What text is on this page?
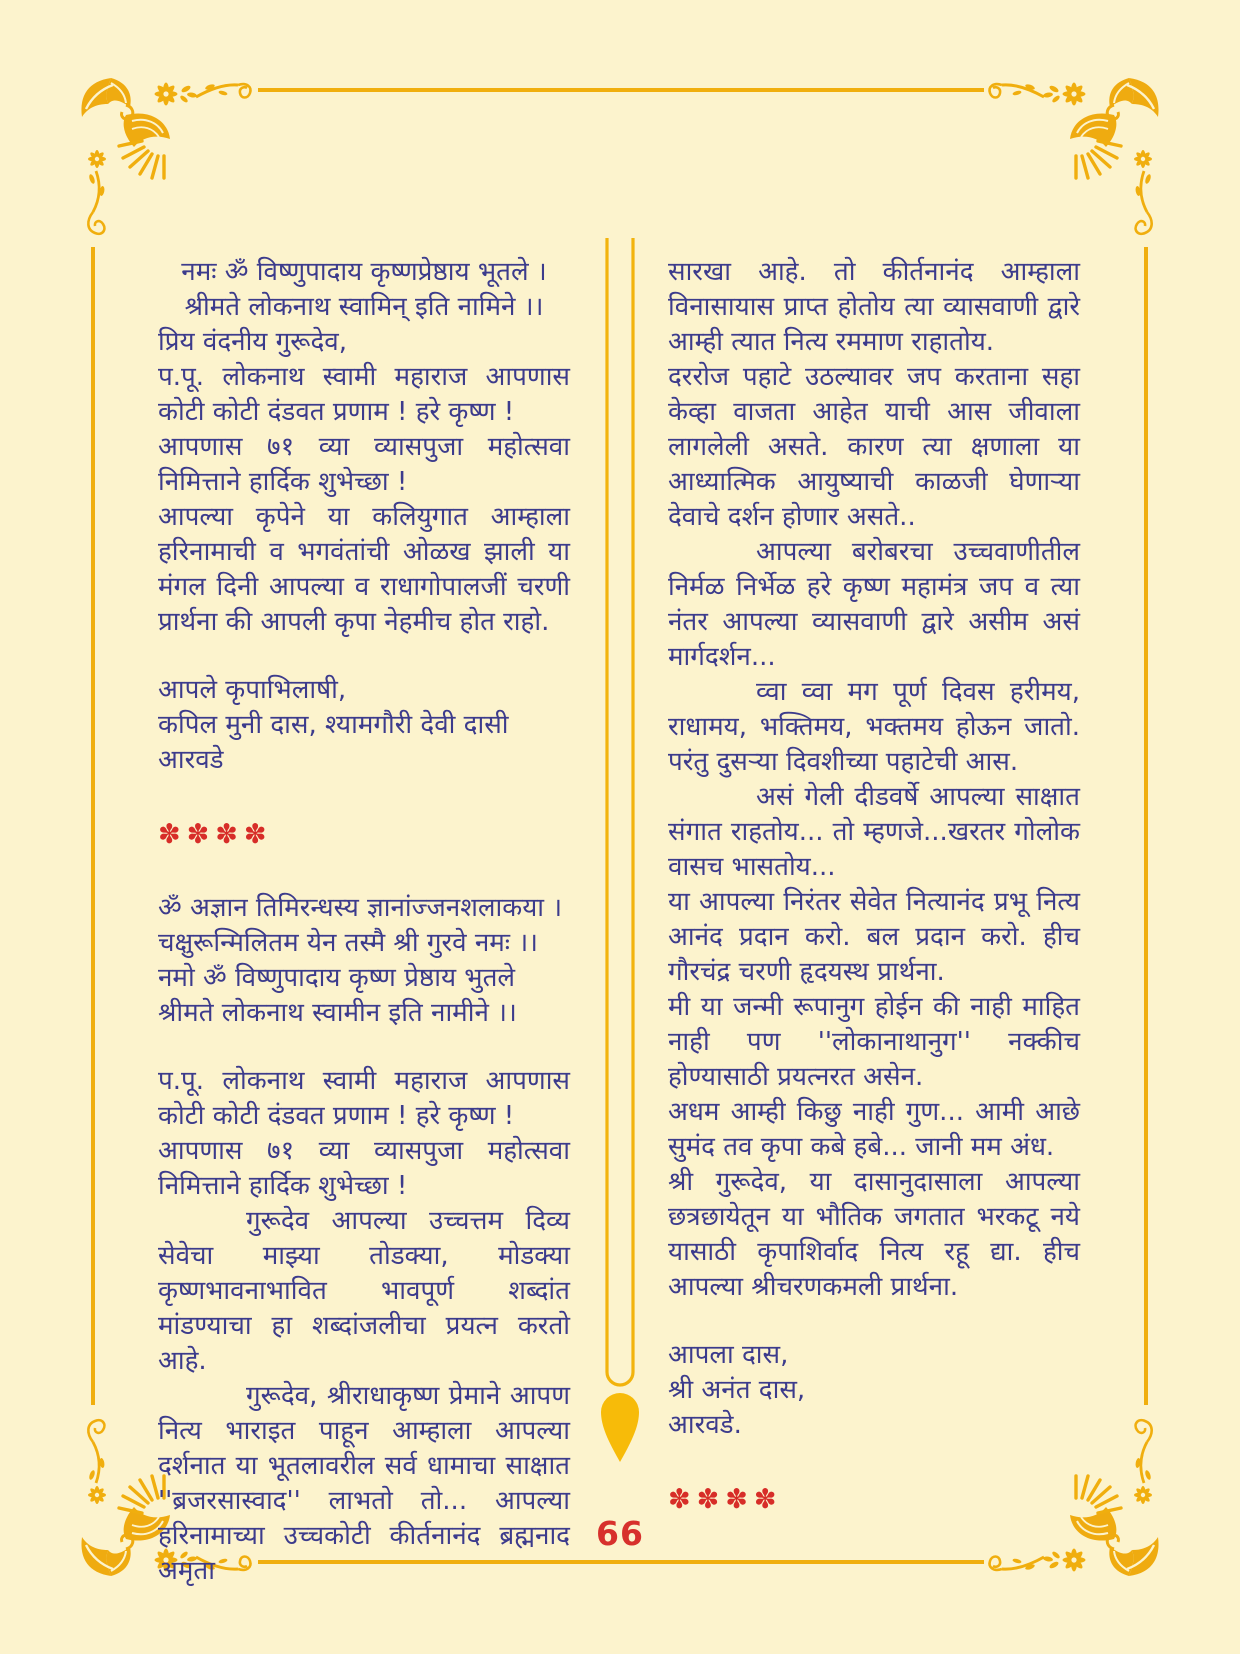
नमः ॐ विष्णुपादाय कृष्णप्रेष्ठाय भूतले ।

श्रीमते लोकनाथ स्वामिन् इति नामिने ।।

प्रिय वंदनीय गुरूदेव,

प.पू. लोकनाथ स्वामी महाराज आपणास कोटी कोटी दंडवत प्रणाम ! हरे कृष्ण !

आपणास ७१ व्या व्यासपुजा महोत्सवा निमित्ताने हार्दिक शुभेच्छा !

आपल्या कृपेने या कलियुगात आम्हाला हरिनामाची व भगवंतांची ओळख झाली या मंगल दिनी आपल्या व राधागोपालजीं चरणी प्रार्थना की आपली कृपा नेहमीच होत राहो.

आपले कृपाभिलाषी,

कपिल मुनी दास, श्यामगौरी देवी दासी

आरवडे

✽✽✽✽

ॐ अज्ञान तिमिरन्धस्य ज्ञानांज्जनशलाकया ।

चक्षुरून्मिलितम येन तस्मै श्री गुरवे नमः ।।

नमो ॐ विष्णुपादाय कृष्ण प्रेष्ठाय भुतले

श्रीमते लोकनाथ स्वामीन इति नामीने ।।

प.पू. लोकनाथ स्वामी महाराज आपणास कोटी कोटी दंडवत प्रणाम ! हरे कृष्ण !

आपणास ७१ व्या व्यासपुजा महोत्सवा निमित्ताने हार्दिक शुभेच्छा !

गुरूदेव आपल्या उच्चत्तम दिव्य सेवेचा माझ्या तोडक्या, मोडक्या कृष्णभावनाभावित भावपूर्ण शब्दांत मांडण्याचा हा शब्दांजलीचा प्रयत्न करतो आहे.

गुरूदेव, श्रीराधाकृष्ण प्रेमाने आपण नित्य भाराइत पाहून आम्हाला आपल्या दर्शनात या भूतलावरील सर्व धामाचा साक्षात ''ब्रजरसास्वाद'' लाभतो तो... आपल्या हरिनामाच्या उच्चकोटी कीर्तनानंद ब्रह्मनाद अमृता

सारखा आहे. तो कीर्तनानंद आम्हाला विनासायास प्राप्त होतोय त्या व्यासवाणी द्वारे आम्ही त्यात नित्य रममाण राहातोय.

दररोज पहाटे उठल्यावर जप करताना सहा केव्हा वाजता आहेत याची आस जीवाला लागलेली असते. कारण त्या क्षणाला या आध्यात्मिक आयुष्याची काळजी घेणाऱ्या देवाचे दर्शन होणार असते..

आपल्या बरोबरचा उच्चवाणीतील निर्मळ निर्भेळ हरे कृष्ण महामंत्र जप व त्या नंतर आपल्या व्यासवाणी द्वारे असीम असं मार्गदर्शन...

व्वा व्वा मग पूर्ण दिवस हरीमय, राधामय, भक्तिमय, भक्तमय होऊन जातो. परंतु दुसऱ्या दिवशीच्या पहाटेची आस.

असं गेली दीडवर्षे आपल्या साक्षात संगात राहतोय... तो म्हणजे...खरतर गोलोक वासच भासतोय...

या आपल्या निरंतर सेवेत नित्यानंद प्रभू नित्य आनंद प्रदान करो. बल प्रदान करो. हीच गौरचंद्र चरणी हृदयस्थ प्रार्थना.

मी या जन्मी रूपानुग होईन की नाही माहित नाही पण ''लोकानाथानुग'' नक्कीच होण्यासाठी प्रयत्नरत असेन.

अधम आम्ही किछु नाही गुण... आमी आछे सुमंद तव कृपा कबे हबे... जानी मम अंध.

श्री गुरूदेव, या दासानुदासाला आपल्या छत्रछायेतून या भौतिक जगतात भरकटू नये यासाठी कृपाशिर्वाद नित्य रहू द्या. हीच आपल्या श्रीचरणकमली प्रार्थना.

आपला दास,

श्री अनंत दास,

आरवडे.

✽✽✽✽

66
